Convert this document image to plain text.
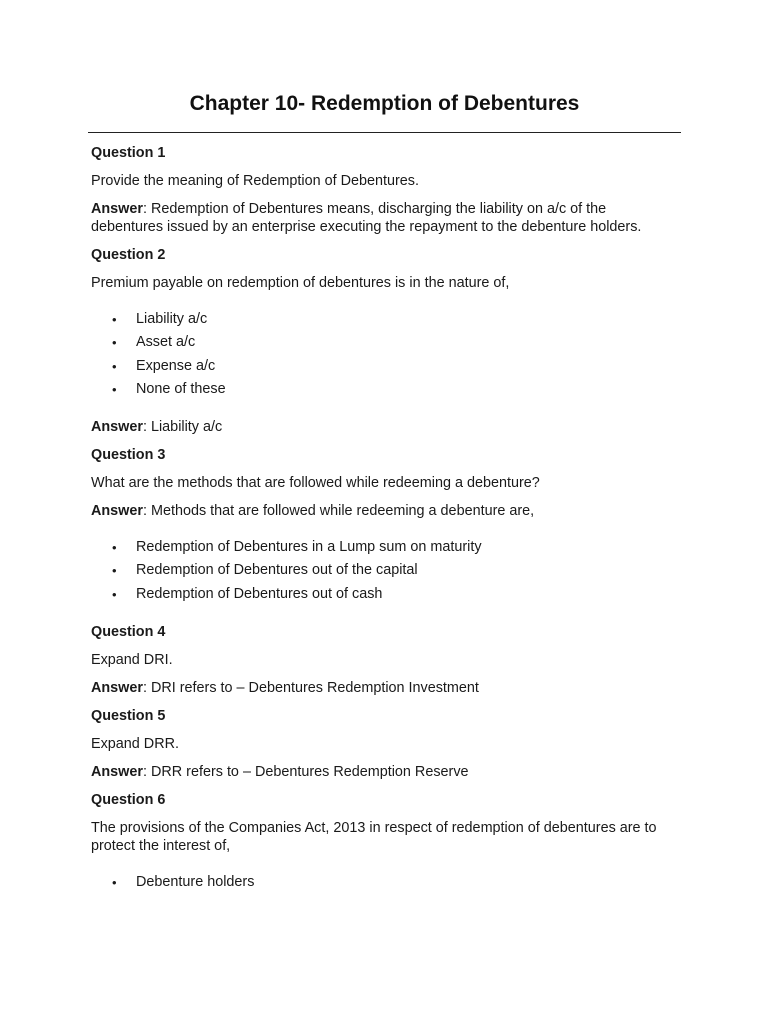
Chapter 10- Redemption of Debentures

Question 1

Provide the meaning of Redemption of Debentures.

Answer: Redemption of Debentures means, discharging the liability on a/c of the debentures issued by an enterprise executing the repayment to the debenture holders.

Question 2

Premium payable on redemption of debentures is in the nature of,

• Liability a/c
• Asset a/c
• Expense a/c
• None of these

Answer: Liability a/c

Question 3

What are the methods that are followed while redeeming a debenture?

Answer: Methods that are followed while redeeming a debenture are,

• Redemption of Debentures in a Lump sum on maturity
• Redemption of Debentures out of the capital
• Redemption of Debentures out of cash

Question 4

Expand DRI.

Answer: DRI refers to – Debentures Redemption Investment

Question 5

Expand DRR.

Answer: DRR refers to – Debentures Redemption Reserve

Question 6

The provisions of the Companies Act, 2013 in respect of redemption of debentures are to protect the interest of,

• Debenture holders
